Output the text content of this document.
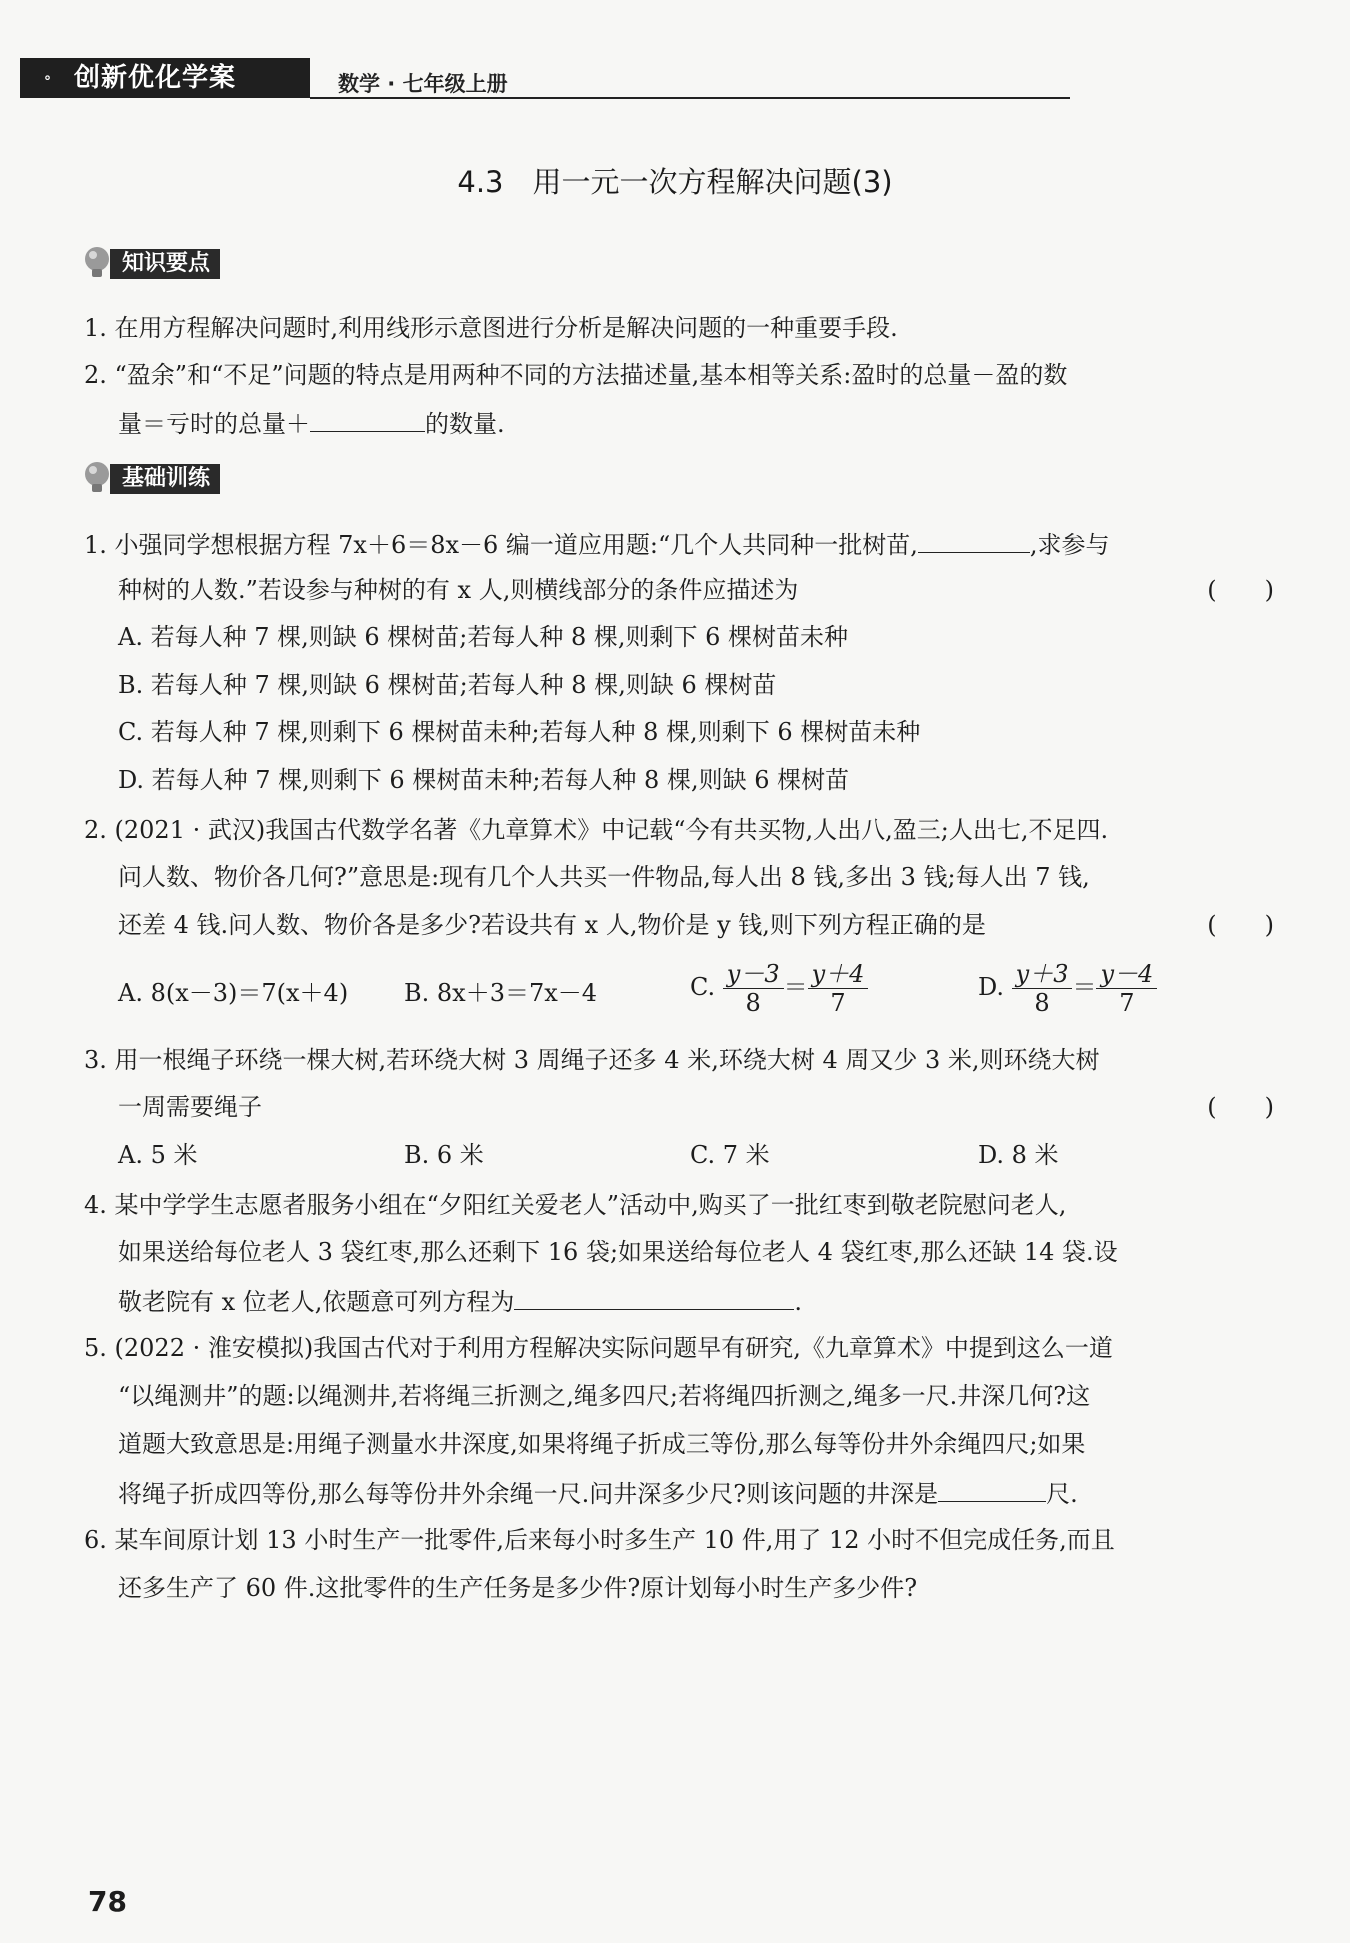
° 创新优化学案	数学 · 七年级上册
4.3　用一元一次方程解决问题(3)
知识要点
1. 在用方程解决问题时,利用线形示意图进行分析是解决问题的一种重要手段.
2. “盈余”和“不足”问题的特点是用两种不同的方法描述量,基本相等关系:盈时的总量－盈的数
量＝亏时的总量＋	的数量.
基础训练
1. 小强同学想根据方程 7x＋6＝8x－6 编一道应用题:“几个人共同种一批树苗,	,求参与
种树的人数.”若设参与种树的有 x 人,则横线部分的条件应描述为	(　　)
A. 若每人种 7 棵,则缺 6 棵树苗;若每人种 8 棵,则剩下 6 棵树苗未种
B. 若每人种 7 棵,则缺 6 棵树苗;若每人种 8 棵,则缺 6 棵树苗
C. 若每人种 7 棵,则剩下 6 棵树苗未种;若每人种 8 棵,则剩下 6 棵树苗未种
D. 若每人种 7 棵,则剩下 6 棵树苗未种;若每人种 8 棵,则缺 6 棵树苗
2. (2021 · 武汉)我国古代数学名著《九章算术》中记载“今有共买物,人出八,盈三;人出七,不足四.
问人数、物价各几何?”意思是:现有几个人共买一件物品,每人出 8 钱,多出 3 钱;每人出 7 钱,
还差 4 钱.问人数、物价各是多少?若设共有 x 人,物价是 y 钱,则下列方程正确的是	(　　)
A. 8(x－3)＝7(x＋4) B. 8x＋3＝7x－4	C. $\frac{y-3}{8} = \frac{y+4}{7}$	D. $\frac{y+3}{8} = \frac{y-4}{7}$
3. 用一根绳子环绕一棵大树,若环绕大树 3 周绳子还多 4 米,环绕大树 4 周又少 3 米,则环绕大树
一周需要绳子	(　　)
A. 5 米	B. 6 米	C. 7 米	D. 8 米
4. 某中学学生志愿者服务小组在“夕阳红关爱老人”活动中,购买了一批红枣到敬老院慰问老人,
如果送给每位老人 3 袋红枣,那么还剩下 16 袋;如果送给每位老人 4 袋红枣,那么还缺 14 袋.设
敬老院有 x 位老人,依题意可列方程为	.
5. (2022 · 淮安模拟)我国古代对于利用方程解决实际问题早有研究,《九章算术》中提到这么一道
“以绳测井”的题:以绳测井,若将绳三折测之,绳多四尺;若将绳四折测之,绳多一尺.井深几何?这
道题大致意思是:用绳子测量水井深度,如果将绳子折成三等份,那么每等份井外余绳四尺;如果
将绳子折成四等份,那么每等份井外余绳一尺.问井深多少尺?则该问题的井深是	尺.
6. 某车间原计划 13 小时生产一批零件,后来每小时多生产 10 件,用了 12 小时不但完成任务,而且
还多生产了 60 件.这批零件的生产任务是多少件?原计划每小时生产多少件?
78
